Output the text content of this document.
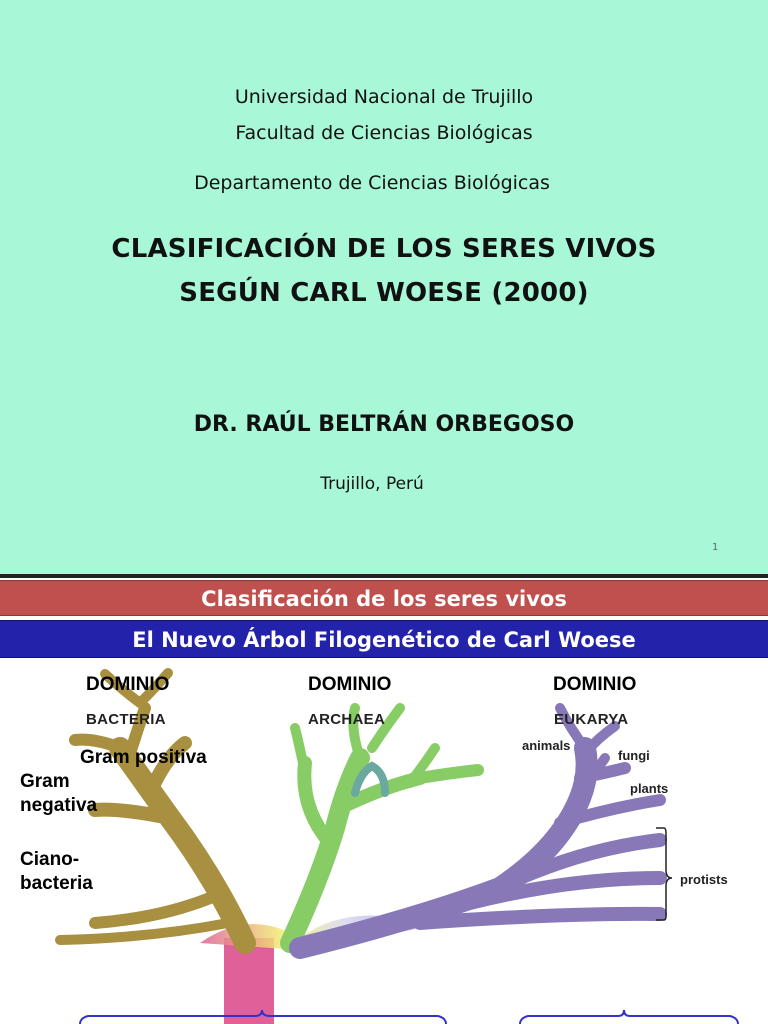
Universidad Nacional de Trujillo
Facultad de Ciencias Biológicas
Departamento de Ciencias Biológicas
CLASIFICACIÓN DE LOS SERES VIVOS
SEGÚN CARL WOESE (2000)
DR. RAÚL BELTRÁN ORBEGOSO
Trujillo, Perú
1
Clasificación de los seres vivos
El Nuevo Árbol Filogenético de Carl Woese
DOMINIO
BACTERIA
DOMINIO
ARCHAEA
DOMINIO
EUKARYA
Gram positiva
Gram
negativa
Ciano-
bacteria
animals
fungi
plants
protists
